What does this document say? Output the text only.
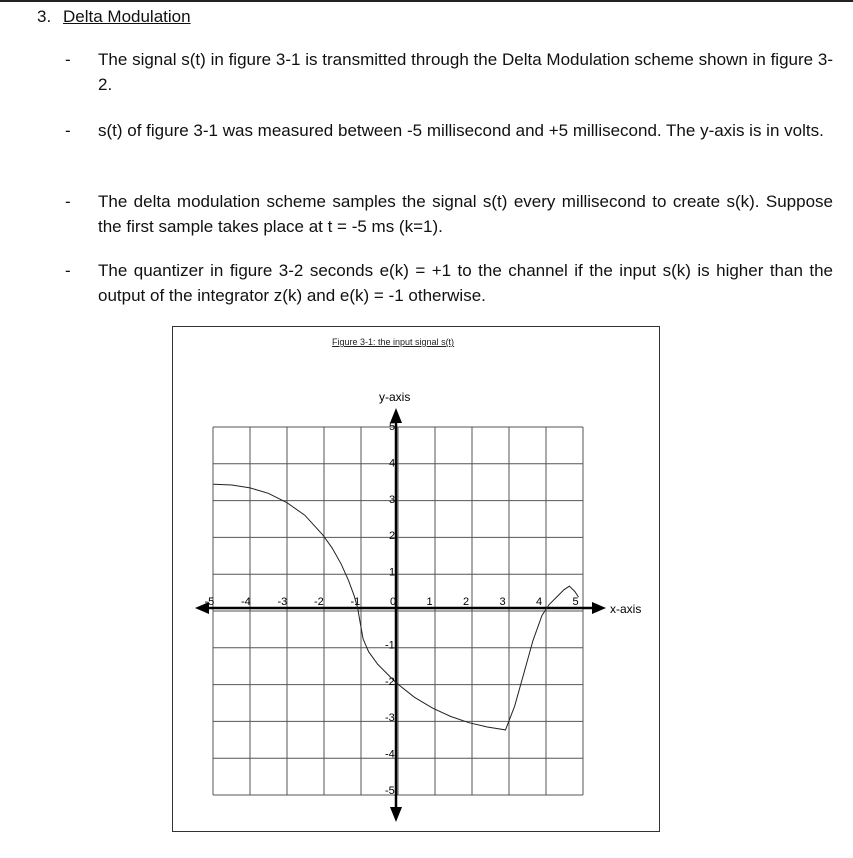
3. Delta Modulation
- The signal s(t) in figure 3-1 is transmitted through the Delta Modulation scheme shown in figure 3-2.
- s(t) of figure 3-1 was measured between -5 millisecond and +5 millisecond. The y-axis is in volts.
- The delta modulation scheme samples the signal s(t) every millisecond to create s(k). Suppose the first sample takes place at t = -5 ms (k=1).
- The quantizer in figure 3-2 seconds e(k) = +1 to the channel if the input s(k) is higher than the output of the integrator z(k) and e(k) = -1 otherwise.
Figure 3-1: the input signal s(t)
x-axis
y-axis
-5 -4 -3 -2 -1	0	1	2	3	4	5
5
4
3
2
1
-1
-2
-3
-4
-5
